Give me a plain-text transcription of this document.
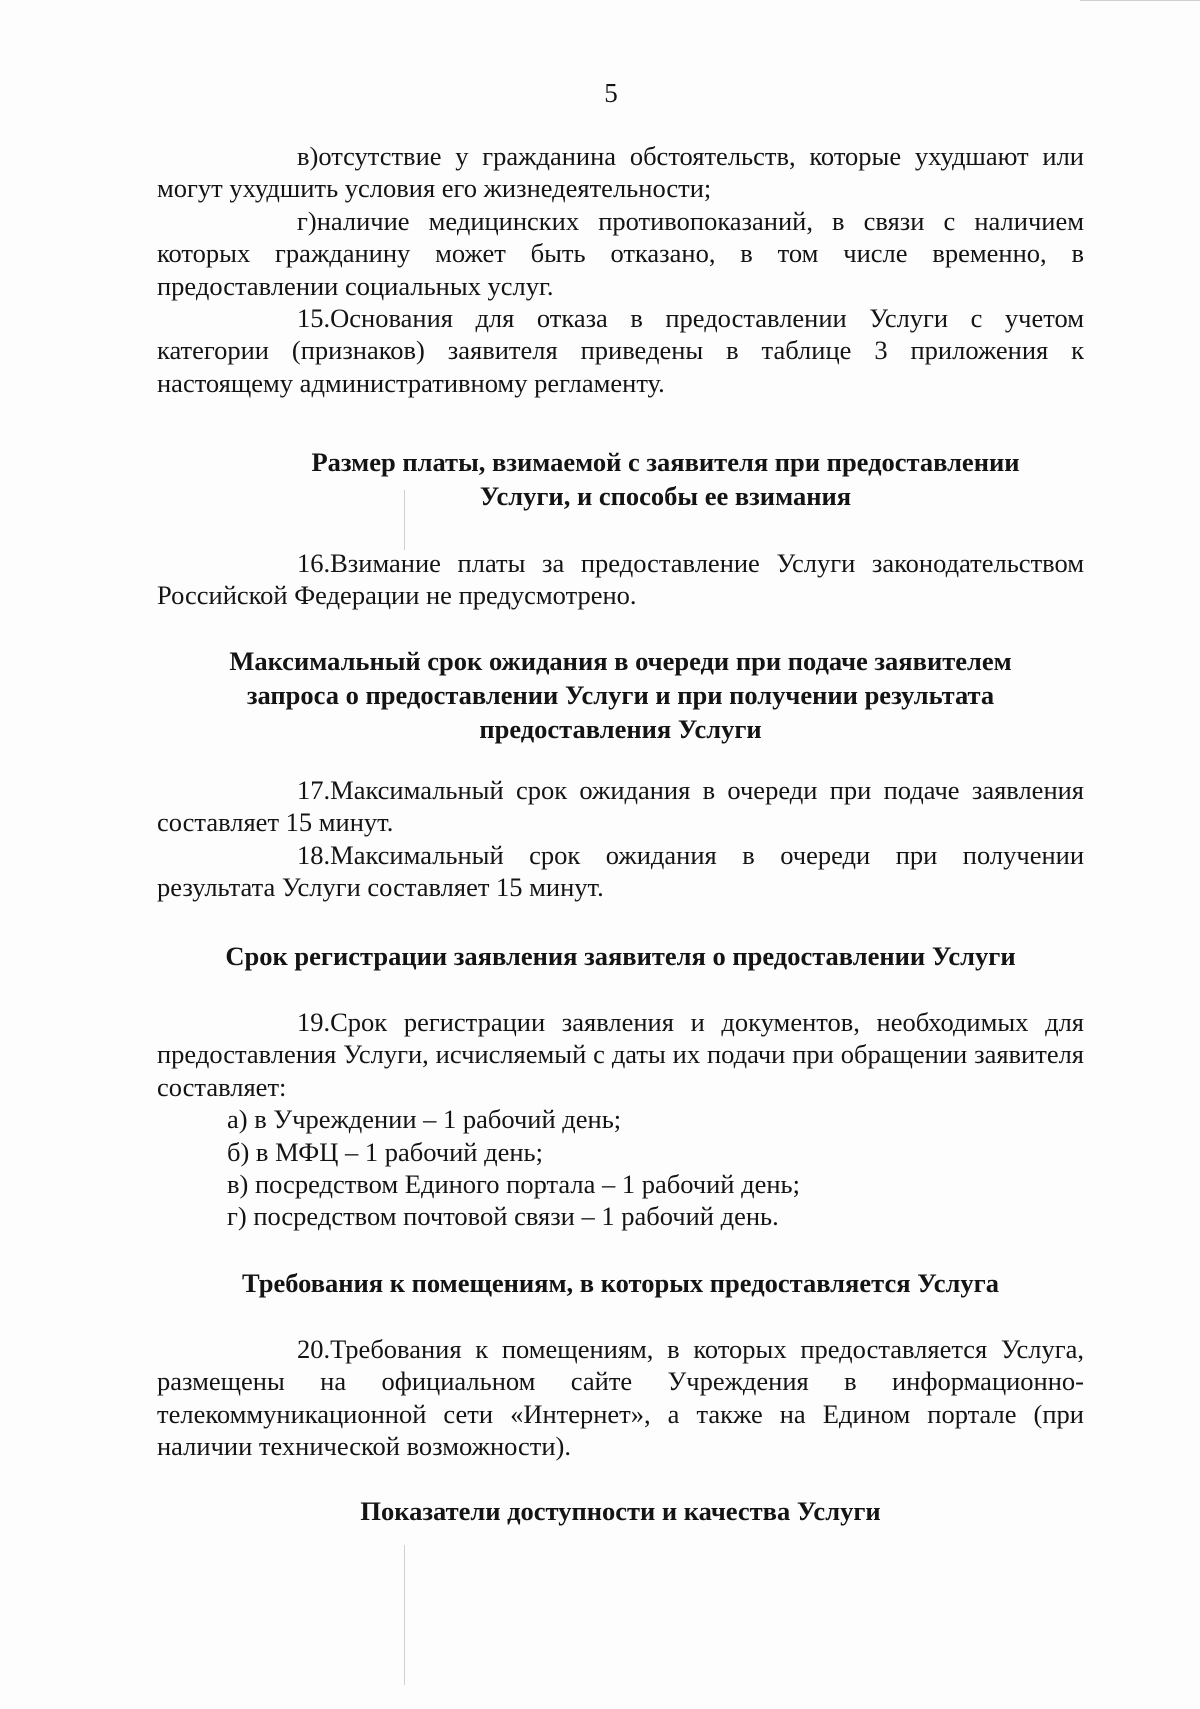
5

в)отсутствие у гражданина обстоятельств, которые ухудшают или могут ухудшить условия его жизнедеятельности;

г)наличие медицинских противопоказаний, в связи с наличием которых гражданину может быть отказано, в том числе временно, в предоставлении социальных услуг.

15.Основания для отказа в предоставлении Услуги с учетом категории (признаков) заявителя приведены в таблице 3 приложения к настоящему административному регламенту.

Размер платы, взимаемой с заявителя при предоставлении
Услуги, и способы ее взимания

16.Взимание платы за предоставление Услуги законодательством Российской Федерации не предусмотрено.

Максимальный срок ожидания в очереди при подаче заявителем
запроса о предоставлении Услуги и при получении результата
предоставления Услуги

17.Максимальный срок ожидания в очереди при подаче заявления составляет 15 минут.

18.Максимальный срок ожидания в очереди при получении результата Услуги составляет 15 минут.

Срок регистрации заявления заявителя о предоставлении Услуги

19.Срок регистрации заявления и документов, необходимых для предоставления Услуги, исчисляемый с даты их подачи при обращении заявителя составляет:

а) в Учреждении – 1 рабочий день;

б) в МФЦ – 1 рабочий день;

в) посредством Единого портала – 1 рабочий день;

г) посредством почтовой связи – 1 рабочий день.

Требования к помещениям, в которых предоставляется Услуга

20.Требования к помещениям, в которых предоставляется Услуга, размещены на официальном сайте Учреждения в информационно-телекоммуникационной сети «Интернет», а также на Едином портале (при наличии технической возможности).

Показатели доступности и качества Услуги
